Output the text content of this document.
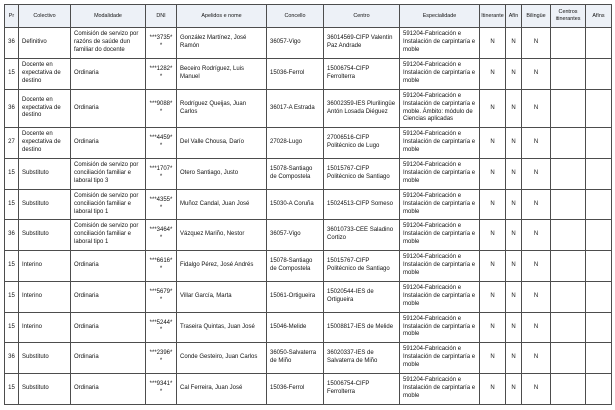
Pr	Colectivo	Modalidade	DNI	Apelidos e nome	Concello	Centro	Especialidade	Itinerante	Afín	Bilingüe	Centros itinerantes	Afíns
36	Definitivo	Comisión de servizo por razóns de saúde dun familiar do docente	***3735**	González Martínez, José Ramón	36057-Vigo	36014569-CIFP Valentín Paz Andrade	591204-Fabricación e Instalación de carpintaría e moble	N	N	N		
15	Docente en expectativa de destino	Ordinaria	***1282**	Beceiro Rodríguez, Luis Manuel	15036-Ferrol	15006754-CIFP Ferrolterra	591204-Fabricación e Instalación de carpintaría e moble	N	N	N		
36	Docente en expectativa de destino	Ordinaria	***9088**	Rodríguez Queijas, Juan Carlos	36017-A Estrada	36002359-IES Plurilingüe Antón Losada Diéguez	591204-Fabricación e Instalación de carpintaría e moble. Ámbito: módulo de Ciencias aplicadas	N	N	N		
27	Docente en expectativa de destino	Ordinaria	***4459**	Del Valle Chousa, Darío	27028-Lugo	27006516-CIFP Politécnico de Lugo	591204-Fabricación e Instalación de carpintaría e moble	N	N	N		
15	Substituto	Comisión de servizo por conciliación familiar e laboral tipo 3	***1707**	Otero Santiago, Justo	15078-Santiago de Compostela	15015767-CIFP Politécnico de Santiago	591204-Fabricación e Instalación de carpintaría e moble	N	N	N		
15	Substituto	Comisión de servizo por conciliación familiar e laboral tipo 1	***4355**	Muñoz Candal, Juan José	15030-A Coruña	15024513-CIFP Someso	591204-Fabricación e Instalación de carpintaría e moble	N	N	N		
36	Substituto	Comisión de servizo por conciliación familiar e laboral tipo 1	***3464**	Vázquez Mariño, Nestor	36057-Vigo	36010733-CEE Saladino Cortizo	591204-Fabricación e Instalación de carpintaría e moble	N	N	N		
15	Interino	Ordinaria	***6616**	Fidalgo Pérez, José Andrés	15078-Santiago de Compostela	15015767-CIFP Politécnico de Santiago	591204-Fabricación e Instalación de carpintaría e moble	N	N	N		
15	Interino	Ordinaria	***5679**	Villar García, Marta	15061-Ortigueira	15020544-IES de Ortigueira	591204-Fabricación e Instalación de carpintaría e moble	N	N	N		
15	Interino	Ordinaria	***5244**	Traseira Quintas, Juan José	15046-Melide	15008817-IES de Melide	591204-Fabricación e Instalación de carpintaría e moble	N	N	N		
36	Substituto	Ordinaria	***2396**	Conde Gesteiro, Juan Carlos	36050-Salvaterra de Miño	36020337-IES de Salvaterra de Miño	591204-Fabricación e Instalación de carpintaría e moble	N	N	N		
15	Substituto	Ordinaria	***9341**	Cal Ferreira, Juan José	15036-Ferrol	15006754-CIFP Ferrolterra	591204-Fabricación e Instalación de carpintaría e moble	N	N	N		
